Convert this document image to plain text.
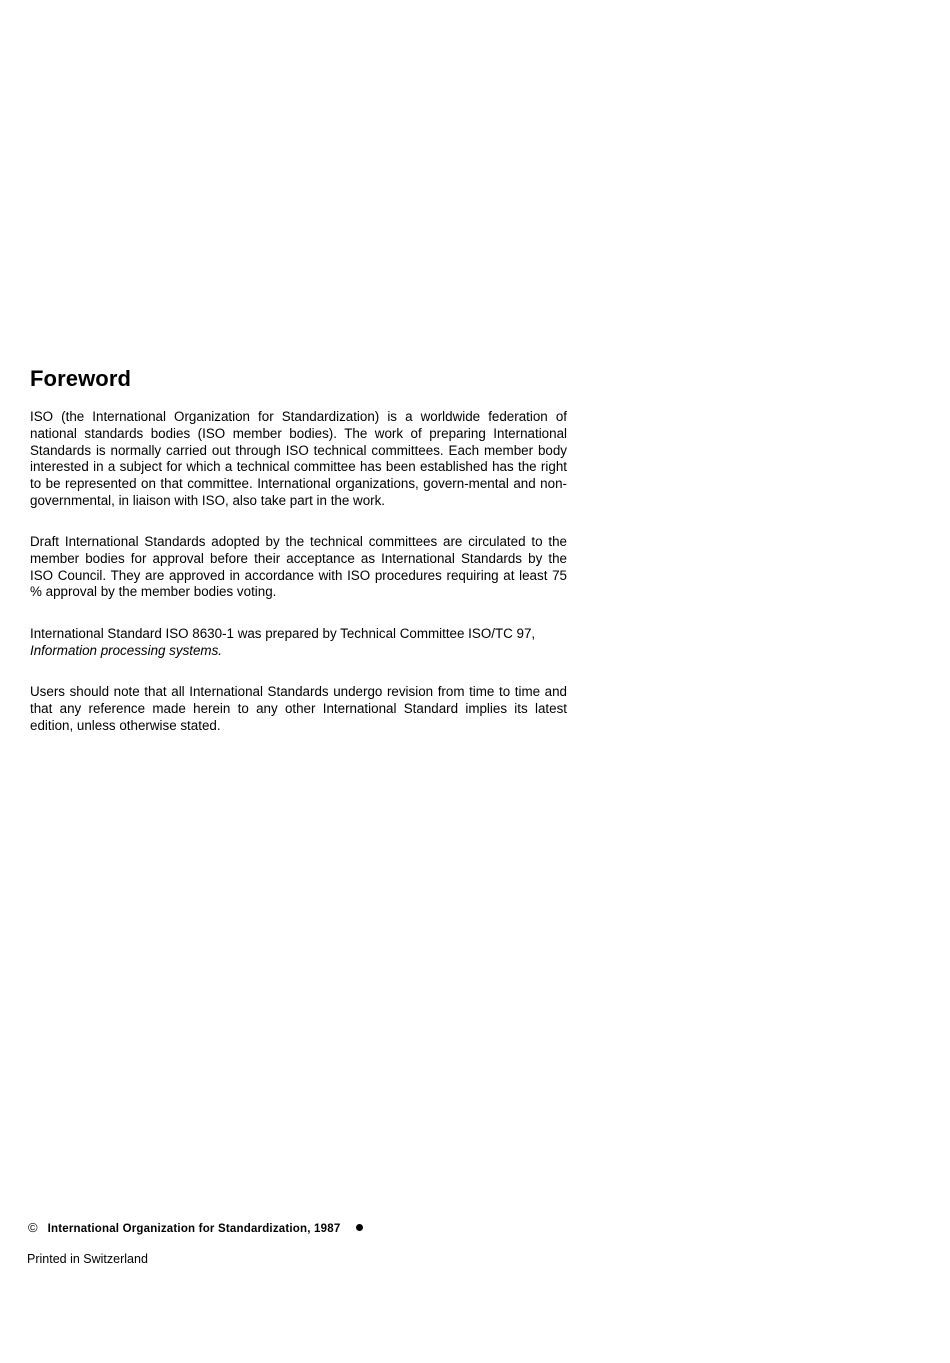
Foreword

ISO (the International Organization for Standardization) is a worldwide federation of national standards bodies (ISO member bodies). The work of preparing International Standards is normally carried out through ISO technical committees. Each member body interested in a subject for which a technical committee has been established has the right to be represented on that committee. International organizations, govern-mental and non-governmental, in liaison with ISO, also take part in the work.

Draft International Standards adopted by the technical committees are circulated to the member bodies for approval before their acceptance as International Standards by the ISO Council. They are approved in accordance with ISO procedures requiring at least 75 % approval by the member bodies voting.

International Standard ISO 8630-1 was prepared by Technical Committee ISO/TC 97,
Information processing systems.

Users should note that all International Standards undergo revision from time to time and that any reference made herein to any other International Standard implies its latest edition, unless otherwise stated.

© International Organization for Standardization, 1987
Printed in Switzerland
